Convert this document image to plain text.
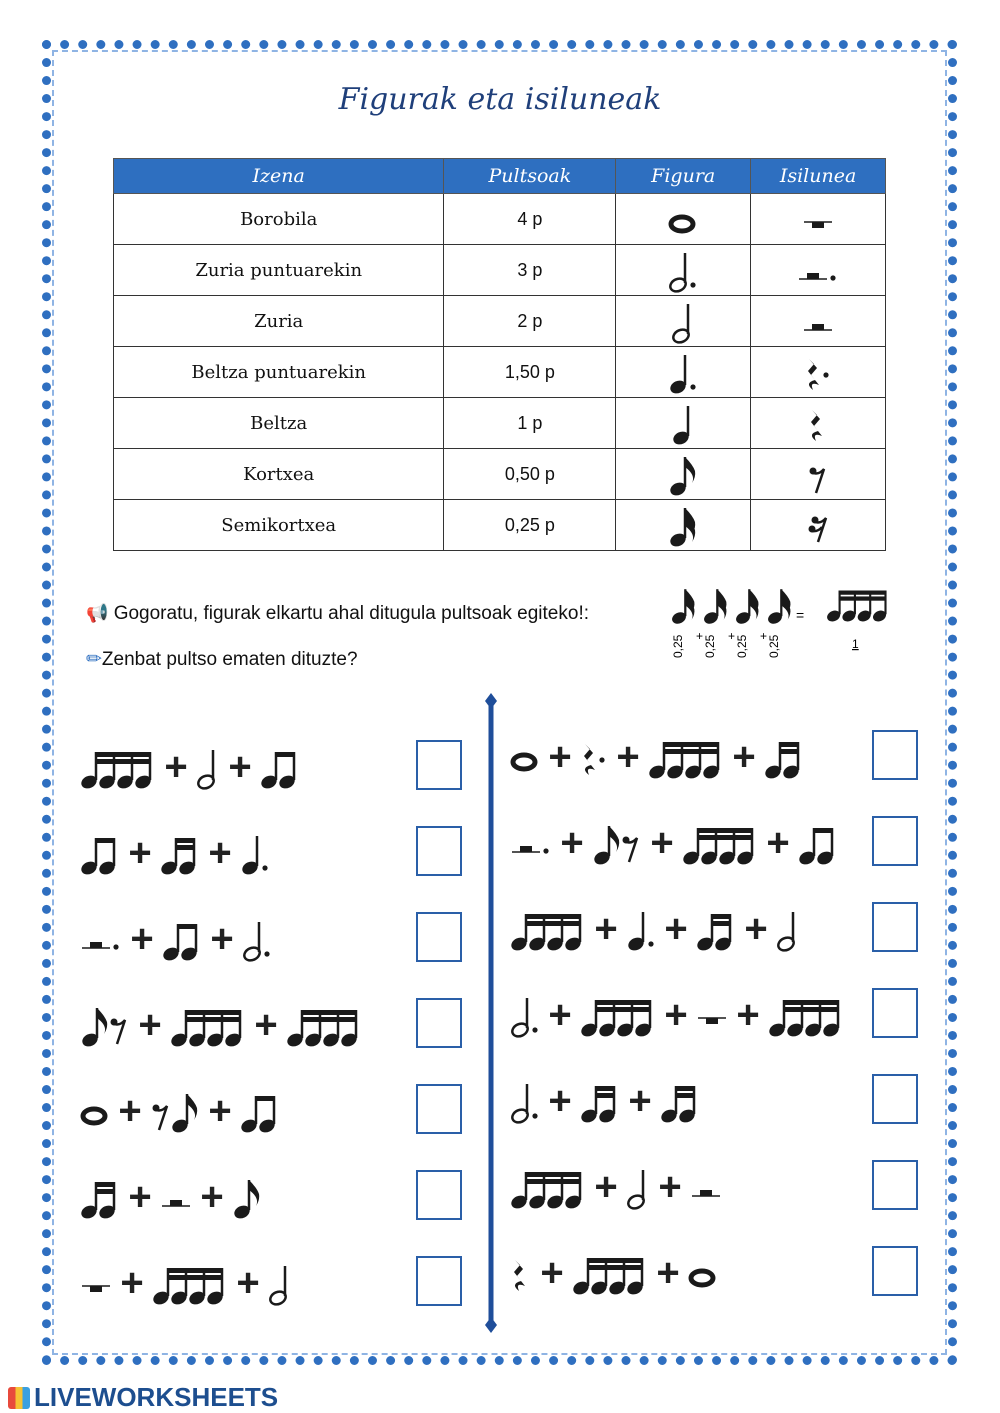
Figurak eta isiluneak
Izena	Pultsoak	Figura	Isilunea
Borobila	4 p	

Zuria puntuarekin	3 p	

Zuria	2 p	

Beltza puntuarekin	1,50 p	

Beltza	1 p	

Kortxea	0,50 p	

Semikortxea	0,25 p	

📢 Gogoratu, figurak elkartu ahal ditugula pultsoak egiteko!:
0,25 + 0,25 + 0,25 + 0,25
=
1
✏Zenbat pultso ematen dituzte?
+ +
+ +
+ +
+ +
+ +
+ +
+ +
+ + +
+ + +
+ + +
+ + +
+ +
+ +
+ +
LIVEWORKSHEETS
